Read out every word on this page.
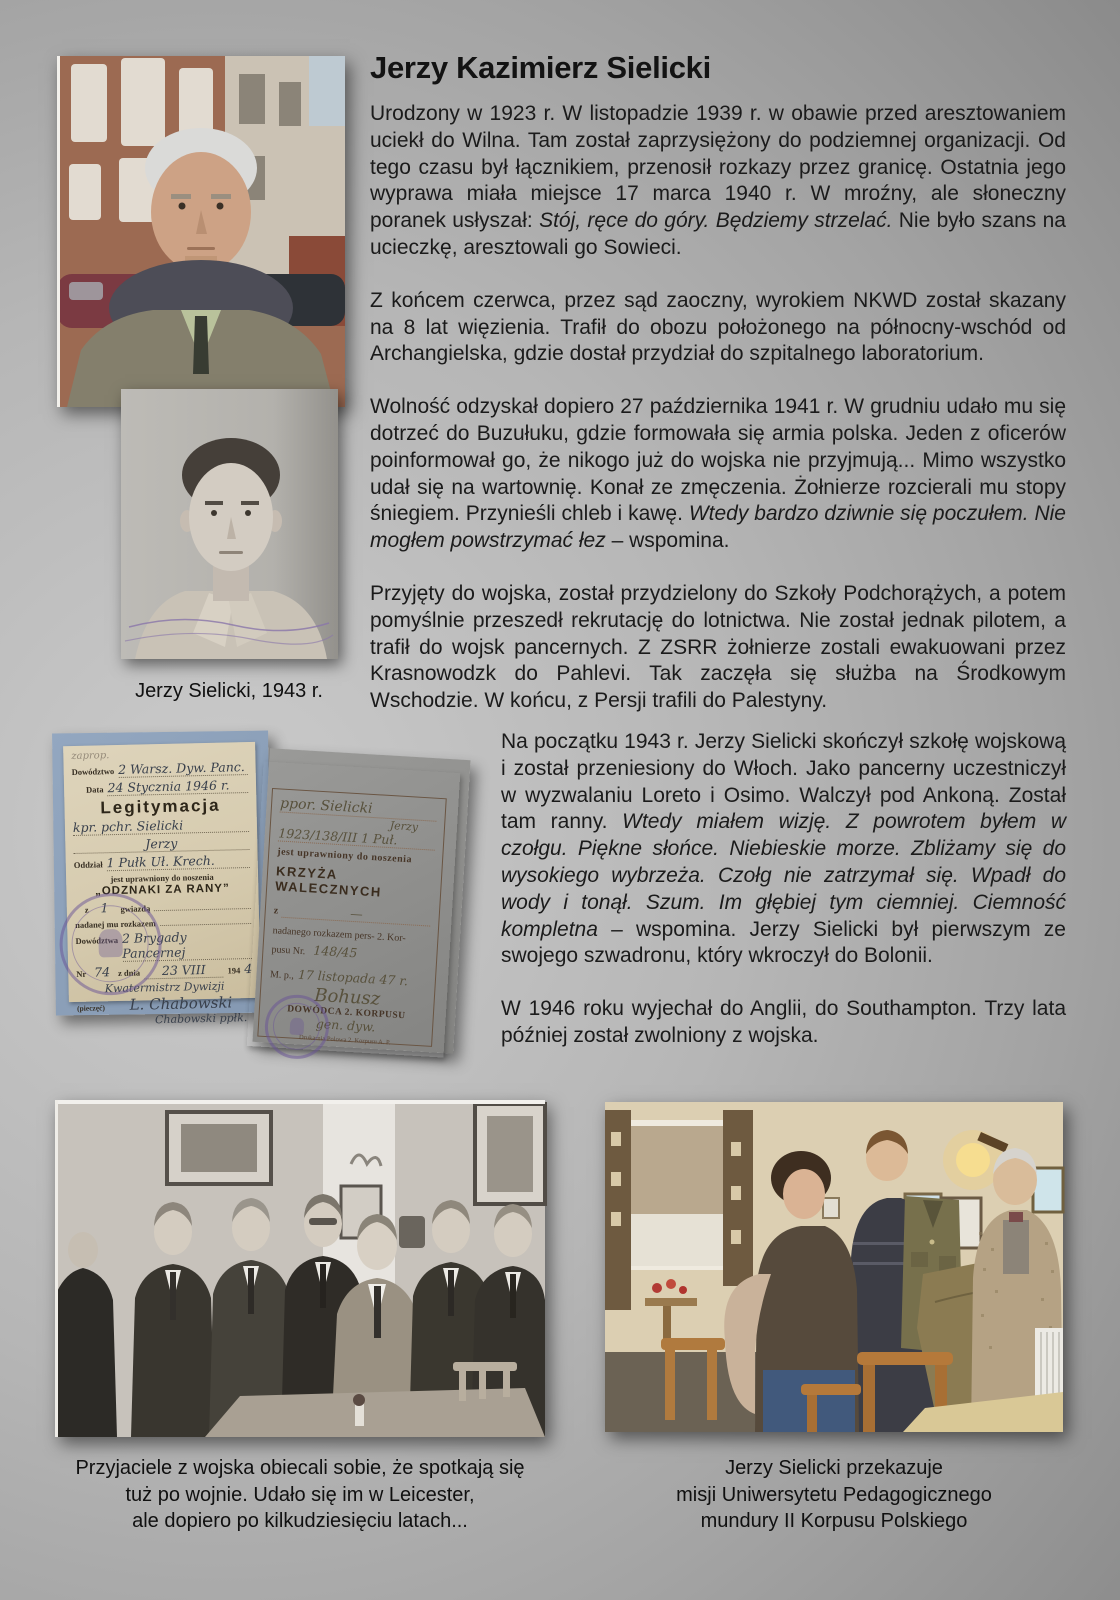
Jerzy Sielicki, 1943 r.
Jerzy Kazimierz Sielicki

Urodzony w 1923 r. W listopadzie 1939 r. w obawie przed aresztowaniem uciekł do Wilna. Tam został zaprzysiężony do podziemnej organizacji. Od tego czasu był łącznikiem, przenosił rozkazy przez granicę. Ostatnia jego wyprawa miała miejsce 17 marca 1940 r. W mroźny, ale słoneczny poranek usłyszał: Stój, ręce do góry. Będziemy strzelać. Nie było szans na ucieczkę, aresztowali go Sowieci.

Z końcem czerwca, przez sąd zaoczny, wyrokiem NKWD został skazany na 8 lat więzienia. Trafił do obozu położonego na północny-wschód od Archangielska, gdzie dostał przydział do szpitalnego laboratorium.

Wolność odzyskał dopiero 27 października 1941 r. W grudniu udało mu się dotrzeć do Buzułuku, gdzie formowała się armia polska. Jeden z oficerów poinformował go, że nikogo już do wojska nie przyjmują... Mimo wszystko udał się na wartownię. Konał ze zmęczenia. Żołnierze rozcierali mu stopy śniegiem. Przynieśli chleb i kawę. Wtedy bardzo dziwnie się poczułem. Nie mogłem powstrzymać łez – wspomina.

Przyjęty do wojska, został przydzielony do Szkoły Podchorążych, a potem pomyślnie przeszedł rekrutację do lotnictwa. Nie został jednak pilotem, a trafił do wojsk pancernych. Z ZSRR żołnierze zostali ewakuowani przez Krasnowodzk do Pahlevi. Tak zaczęła się służba na Środkowym Wschodzie. W końcu, z Persji trafili do Palestyny.

Na początku 1943 r. Jerzy Sielicki skończył szkołę wojskową i został przeniesiony do Włoch. Jako pancerny uczestniczył w wyzwalaniu Loreto i Osimo. Walczył pod Ankoną. Został tam ranny. Wtedy miałem wizję. Z powrotem byłem w czołgu. Piękne słońce. Niebieskie morze. Zbliżamy się do wysokiego wybrzeża. Czołg nie zatrzymał się. Wpadł do wody i tonął. Szum. Im głębiej tym ciemniej. Ciemność kompletna – wspomina. Jerzy Sielicki był pierwszym ze swojego szwadronu, który wkroczył do Bolonii.

W 1946 roku wyjechał do Anglii, do Southampton. Trzy lata później został zwolniony z wojska.

zaprop.
Dowództwo 2 Warsz. Dyw. Panc.
Data 24 Stycznia 1946 r.
Legitymacja
kpr. pchr. Sielicki
Jerzy
Oddział 1 Pułk Uł. Krech.
jest uprawniony do noszenia
„ODZNAKI ZA RANY”
z 1	gwiazdą
nadanej mu rozkazem
Dowództwa 2 Brygady Pancernej
Nr 74 z dnia	23 VIII	194 4
Kwatermistrz Dywizji
(pieczęć)	L. Chabowski
Chabowski ppłk.
ppor. Sielicki
Jerzy
1923/138/III 1 Puł.
jest uprawniony do noszenia
KRZYŻA WALECZNYCH
z	—
nadanego rozkazem pers- 2. Kor-
pusu Nr. 148/45
M. p., 17 listopada 47 r.
Bohusz
DOWÓDCA 2. KORPUSU
gen. dyw.
Drukarnia Polowa 2. Korpusu A. P.
Przyjaciele z wojska obiecali sobie, że spotkają się
tuż po wojnie. Udało się im w Leicester,
ale dopiero po kilkudziesięciu latach...
Jerzy Sielicki przekazuje
misji Uniwersytetu Pedagogicznego
mundury II Korpusu Polskiego
